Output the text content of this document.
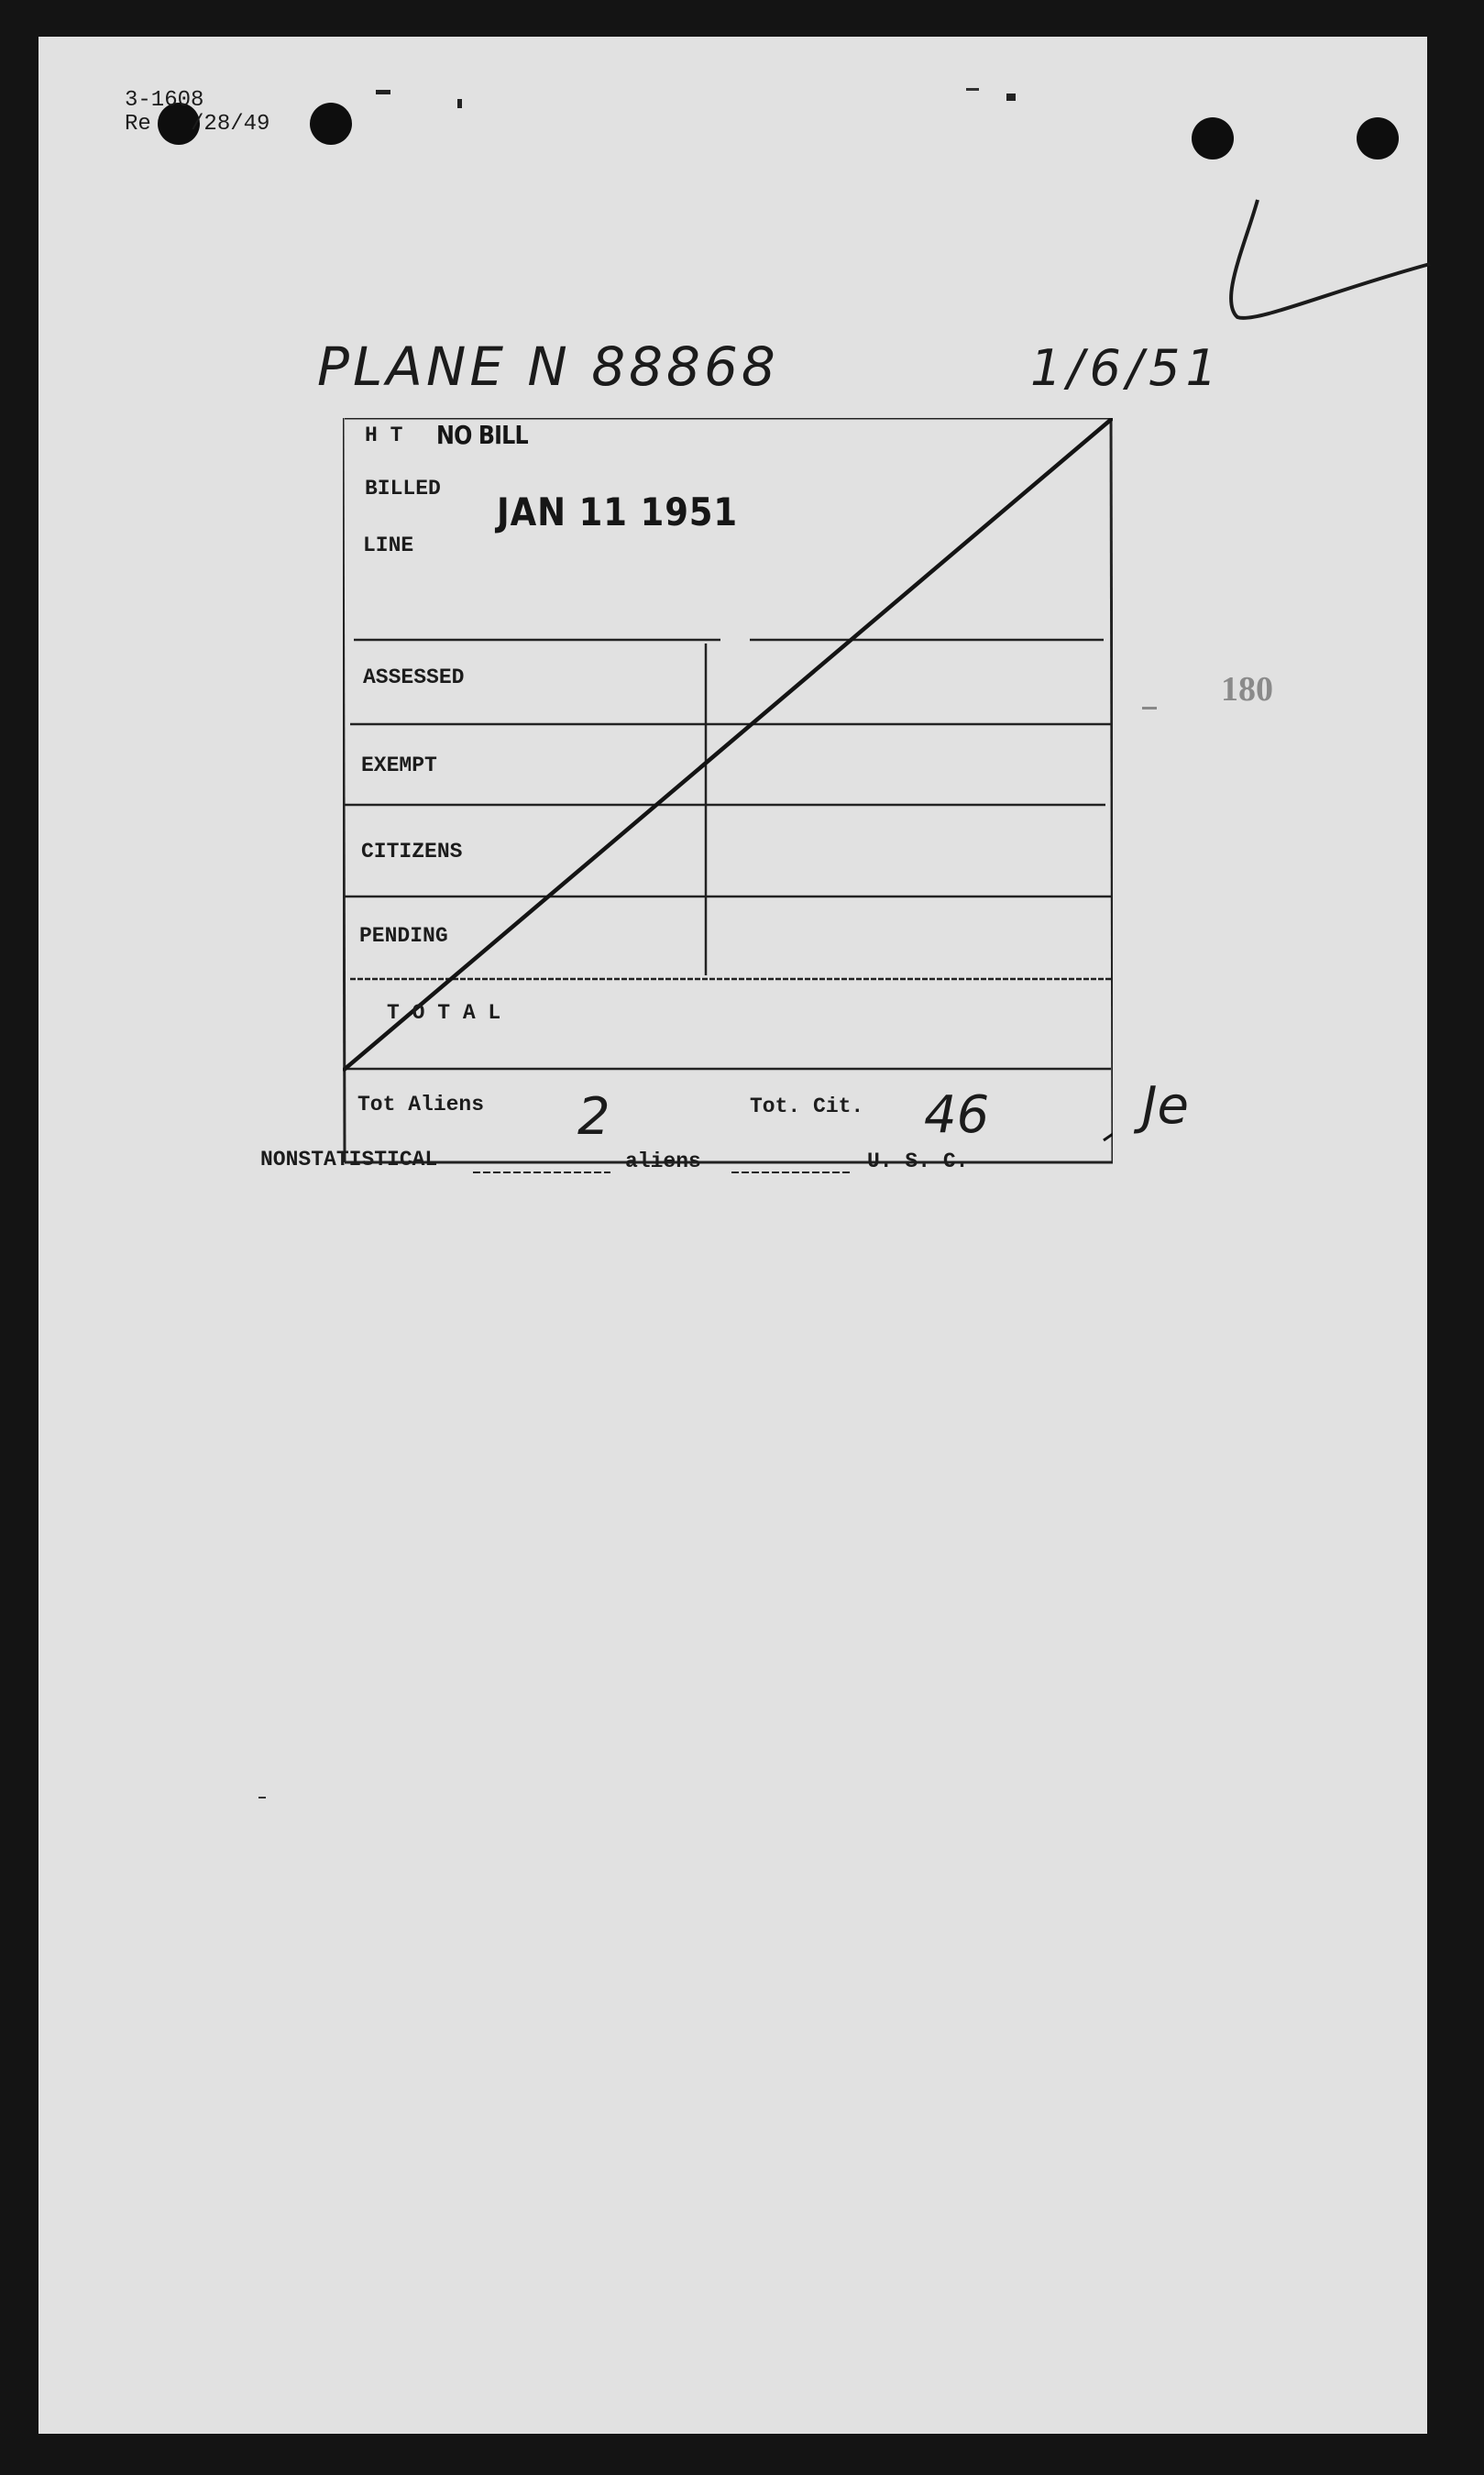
3-1608
Re   /28/49
PLANE N 88868	1/6/51
180
H T NO BILL
BILLED
JAN 11 1951
LINE
ASSESSED
EXEMPT
CITIZENS
PENDING
T O T A L
Tot Aliens 2	Tot. Cit. 46	Je
NONSTATISTICAL	aliens	U. S. C.
